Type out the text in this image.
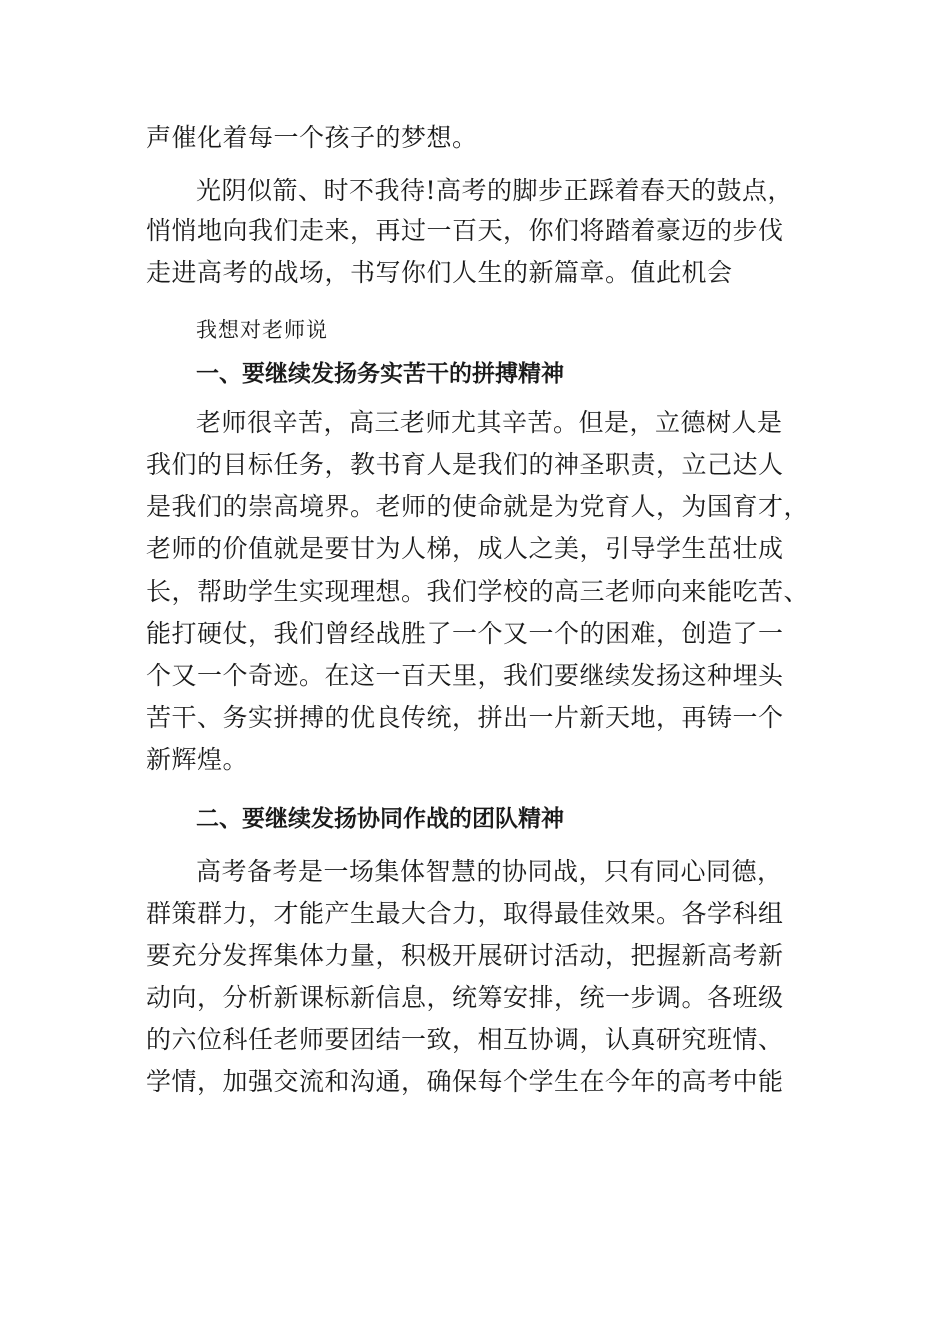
声催化着每一个孩子的梦想。
光阴似箭、时不我待!高考的脚步正踩着春天的鼓点，
悄悄地向我们走来，再过一百天，你们将踏着豪迈的步伐
走进高考的战场，书写你们人生的新篇章。值此机会
我想对老师说
一、要继续发扬务实苦干的拼搏精神
老师很辛苦，高三老师尤其辛苦。但是，立德树人是
我们的目标任务，教书育人是我们的神圣职责，立己达人
是我们的崇高境界。老师的使命就是为党育人，为国育才，
老师的价值就是要甘为人梯，成人之美，引导学生茁壮成
长，帮助学生实现理想。我们学校的高三老师向来能吃苦、
能打硬仗，我们曾经战胜了一个又一个的困难，创造了一
个又一个奇迹。在这一百天里，我们要继续发扬这种埋头
苦干、务实拼搏的优良传统，拼出一片新天地，再铸一个
新辉煌。
二、要继续发扬协同作战的团队精神
高考备考是一场集体智慧的协同战，只有同心同德，
群策群力，才能产生最大合力，取得最佳效果。各学科组
要充分发挥集体力量，积极开展研讨活动，把握新高考新
动向，分析新课标新信息，统筹安排，统一步调。各班级
的六位科任老师要团结一致，相互协调，认真研究班情、
学情，加强交流和沟通，确保每个学生在今年的高考中能
